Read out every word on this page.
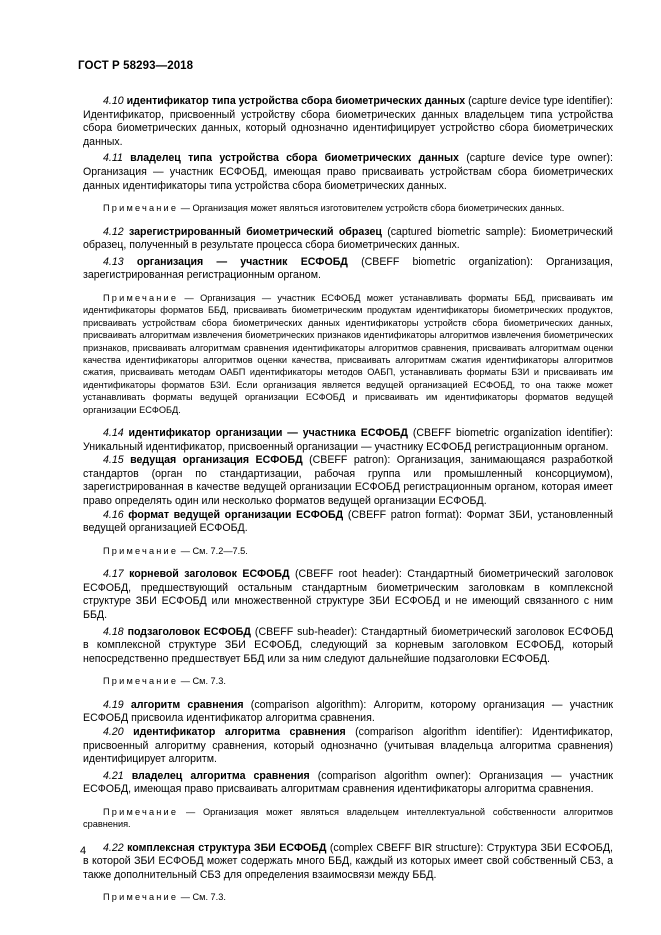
ГОСТ Р 58293—2018

4.10 идентификатор типа устройства сбора биометрических данных (capture device type identifier): Идентификатор, присвоенный устройству сбора биометрических данных владельцем типа устройства сбора биометрических данных, который однозначно идентифицирует устройство сбора биометрических данных.

4.11 владелец типа устройства сбора биометрических данных (capture device type owner): Организация — участник ЕСФОБД, имеющая право присваивать устройствам сбора биометрических данных идентификаторы типа устройства сбора биометрических данных.

Примечание — Организация может являться изготовителем устройств сбора биометрических данных.

4.12 зарегистрированный биометрический образец (captured biometric sample): Биометрический образец, полученный в результате процесса сбора биометрических данных.

4.13 организация — участник ЕСФОБД (CBEFF biometric organization): Организация, зарегистрированная регистрационным органом.

Примечание — Организация — участник ЕСФОБД может устанавливать форматы ББД, присваивать им идентификаторы форматов ББД, присваивать биометрическим продуктам идентификаторы биометрических продуктов, присваивать устройствам сбора биометрических данных идентификаторы устройств сбора биометрических данных, присваивать алгоритмам извлечения биометрических признаков идентификаторы алгоритмов извлечения биометрических признаков, присваивать алгоритмам сравнения идентификаторы алгоритмов сравнения, присваивать алгоритмам оценки качества идентификаторы алгоритмов оценки качества, присваивать алгоритмам сжатия идентификаторы алгоритмов сжатия, присваивать методам ОАБП идентификаторы методов ОАБП, устанавливать форматы БЗИ и присваивать им идентификаторы форматов БЗИ. Если организация является ведущей организацией ЕСФОБД, то она также может устанавливать форматы ведущей организации ЕСФОБД и присваивать им идентификаторы форматов ведущей организации ЕСФОБД.

4.14 идентификатор организации — участника ЕСФОБД (CBEFF biometric organization identifier): Уникальный идентификатор, присвоенный организации — участнику ЕСФОБД регистрационным органом.

4.15 ведущая организация ЕСФОБД (CBEFF patron): Организация, занимающаяся разработкой стандартов (орган по стандартизации, рабочая группа или промышленный консорциумом), зарегистрированная в качестве ведущей организации ЕСФОБД регистрационным органом, которая имеет право определять один или несколько форматов ведущей организации ЕСФОБД.

4.16 формат ведущей организации ЕСФОБД (CBEFF patron format): Формат ЗБИ, установленный ведущей организацией ЕСФОБД.

Примечание — См. 7.2—7.5.

4.17 корневой заголовок ЕСФОБД (CBEFF root header): Стандартный биометрический заголовок ЕСФОБД, предшествующий остальным стандартным биометрическим заголовкам в комплексной структуре ЗБИ ЕСФОБД или множественной структуре ЗБИ ЕСФОБД и не имеющий связанного с ним ББД.

4.18 подзаголовок ЕСФОБД (CBEFF sub-header): Стандартный биометрический заголовок ЕСФОБД в комплексной структуре ЗБИ ЕСФОБД, следующий за корневым заголовком ЕСФОБД, который непосредственно предшествует ББД или за ним следуют дальнейшие подзаголовки ЕСФОБД.

Примечание — См. 7.3.

4.19 алгоритм сравнения (comparison algorithm): Алгоритм, которому организация — участник ЕСФОБД присвоила идентификатор алгоритма сравнения.

4.20 идентификатор алгоритма сравнения (comparison algorithm identifier): Идентификатор, присвоенный алгоритму сравнения, который однозначно (учитывая владельца алгоритма сравнения) идентифицирует алгоритм.

4.21 владелец алгоритма сравнения (comparison algorithm owner): Организация — участник ЕСФОБД, имеющая право присваивать алгоритмам сравнения идентификаторы алгоритма сравнения.

Примечание — Организация может являться владельцем интеллектуальной собственности алгоритмов сравнения.

4.22 комплексная структура ЗБИ ЕСФОБД (complex CBEFF BIR structure): Структура ЗБИ ЕСФОБД, в которой ЗБИ ЕСФОБД может содержать много ББД, каждый из которых имеет свой собственный СБЗ, а также дополнительный СБЗ для определения взаимосвязи между ББД.

Примечание — См. 7.3.

4
